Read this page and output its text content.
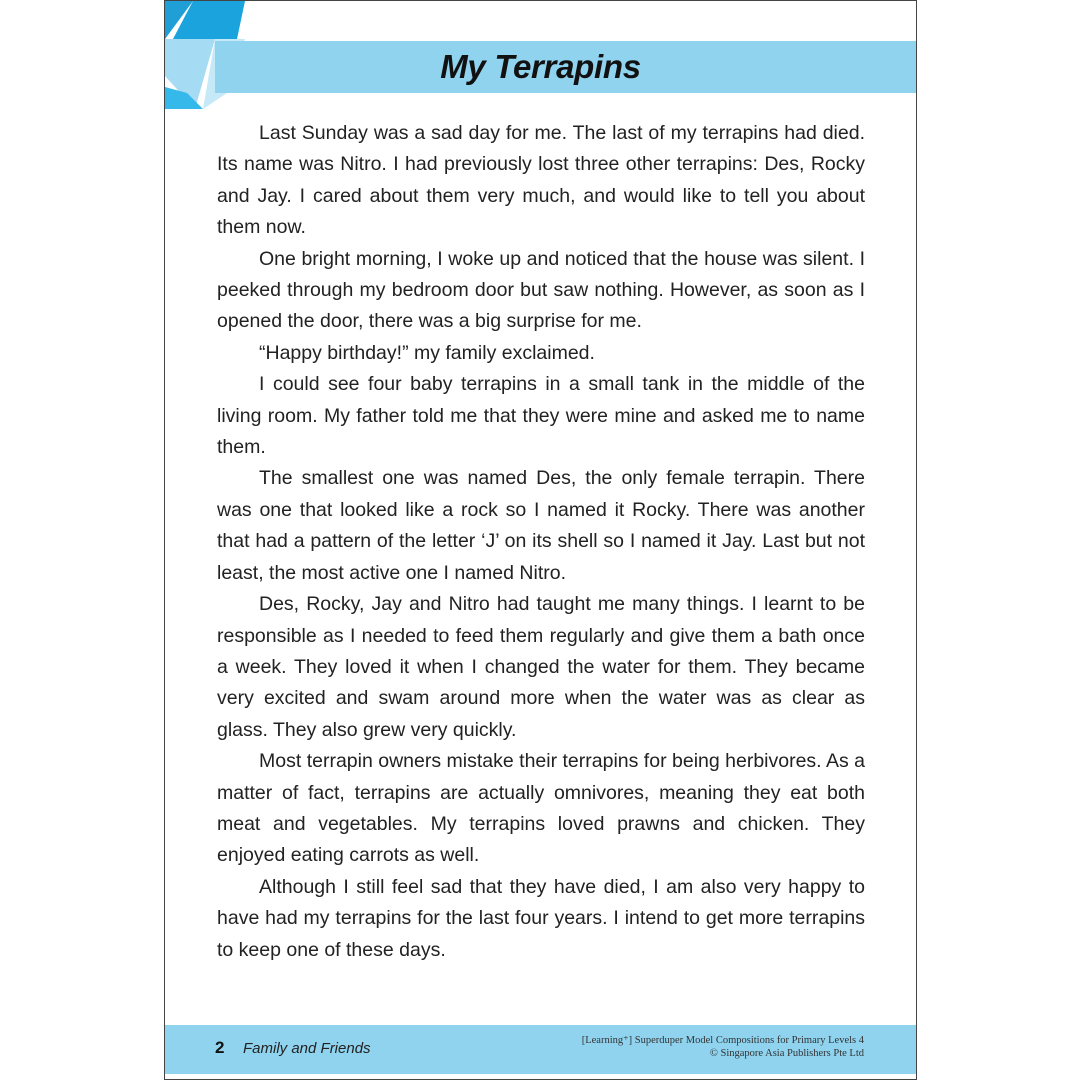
My Terrapins

Last Sunday was a sad day for me. The last of my terrapins had died. Its name was Nitro. I had previously lost three other terrapins: Des, Rocky and Jay. I cared about them very much, and would like to tell you about them now.

One bright morning, I woke up and noticed that the house was silent. I peeked through my bedroom door but saw nothing. However, as soon as I opened the door, there was a big surprise for me.

“Happy birthday!” my family exclaimed.

I could see four baby terrapins in a small tank in the middle of the living room. My father told me that they were mine and asked me to name them.

The smallest one was named Des, the only female terrapin. There was one that looked like a rock so I named it Rocky. There was another that had a pattern of the letter ‘J’ on its shell so I named it Jay. Last but not least, the most active one I named Nitro.

Des, Rocky, Jay and Nitro had taught me many things. I learnt to be responsible as I needed to feed them regularly and give them a bath once a week. They loved it when I changed the water for them. They became very excited and swam around more when the water was as clear as glass. They also grew very quickly.

Most terrapin owners mistake their terrapins for being herbivores. As a matter of fact, terrapins are actually omnivores, meaning they eat both meat and vegetables. My terrapins loved prawns and chicken. They enjoyed eating carrots as well.

Although I still feel sad that they have died, I am also very happy to have had my terrapins for the last four years. I intend to get more terrapins to keep one of these days.

2 Family and Friends	[Learning⁺] Superduper Model Compositions for Primary Levels 4
© Singapore Asia Publishers Pte Ltd
